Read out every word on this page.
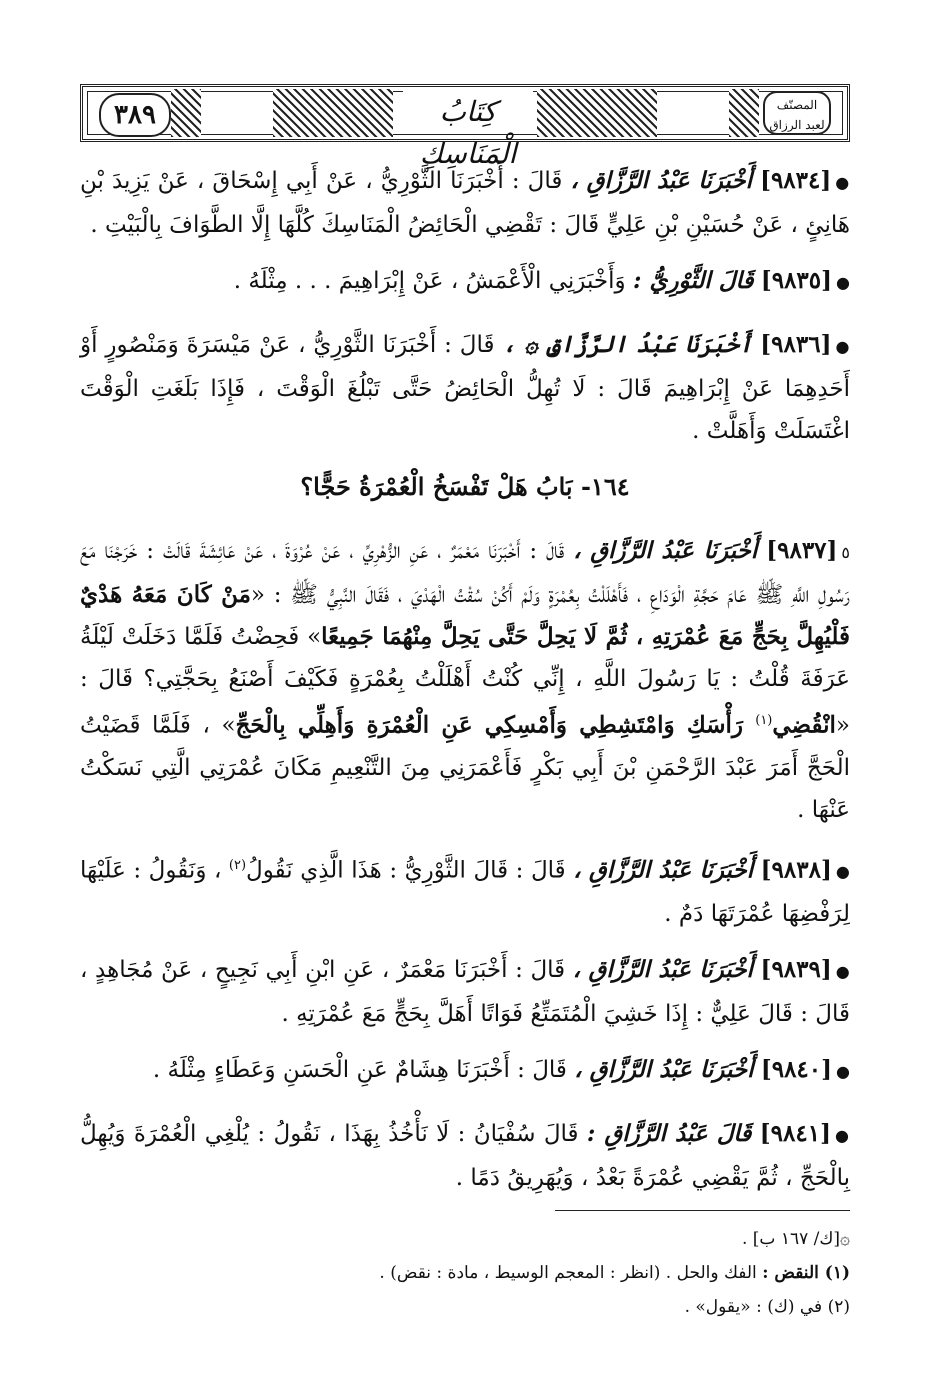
٣٨٩	كِتَابُ الْمَنَاسِكِ
المصنّف
لعبد الرزاق

●[٩٨٣٤] أَخْبَرَنَا عَبْدُ الرَّزَّاقِ ، قَالَ : أَخْبَرَنَا الثَّوْرِيُّ ، عَنْ أَبِي إِسْحَاقَ ، عَنْ يَزِيدَ بْنِ هَانِئٍ ، عَنْ حُسَيْنِ بْنِ عَلِيٍّ قَالَ : تَقْضِي الْحَائِضُ الْمَنَاسِكَ كُلَّهَا إِلَّا الطَّوَافَ بِالْبَيْتِ .

●[٩٨٣٥] قَالَ الثَّوْرِيُّ : وَأَخْبَرَنِي الْأَعْمَشُ ، عَنْ إِبْرَاهِيمَ . . . مِثْلَهُ .

●[٩٨٣٦] أَخْبَرَنَا عَبْدُ الرَّزَّاقِ ۞ ، قَالَ : أَخْبَرَنَا الثَّوْرِيُّ ، عَنْ مَيْسَرَةَ وَمَنْصُورٍ أَوْ أَحَدِهِمَا عَنْ إِبْرَاهِيمَ قَالَ : لَا تُهِلُّ الْحَائِضُ حَتَّى تَبْلُغَ الْوَقْتَ ، فَإِذَا بَلَغَتِ الْوَقْتَ اغْتَسَلَتْ وَأَهَلَّتْ .

١٦٤- بَابُ هَلْ تَفْسَخُ الْعُمْرَةُ حَجًّا؟

٥[٩٨٣٧] أَخْبَرَنَا عَبْدُ الرَّزَّاقِ ، قَالَ : أَخْبَرَنَا مَعْمَرٌ ، عَنِ الزُّهْرِيِّ ، عَنْ عُرْوَةَ ، عَنْ عَائِشَةَ قَالَتْ : خَرَجْنَا مَعَ رَسُولِ اللَّهِ ﷺ عَامَ حَجَّةِ الْوَدَاعِ ، فَأَهْلَلْتُ بِعُمْرَةٍ وَلَمْ أَكُنْ سُقْتُ الْهَدْيَ ، فَقَالَ النَّبِيُّ ﷺ : «مَنْ كَانَ مَعَهُ هَدْيٌ فَلْيُهِلَّ بِحَجٍّ مَعَ عُمْرَتِهِ ، ثُمَّ لَا يَحِلَّ حَتَّى يَحِلَّ مِنْهُمَا جَمِيعًا» فَحِضْتُ فَلَمَّا دَخَلَتْ لَيْلَةُ عَرَفَةَ قُلْتُ : يَا رَسُولَ اللَّهِ ، إِنِّي كُنْتُ أَهْلَلْتُ بِعُمْرَةٍ فَكَيْفَ أَصْنَعُ بِحَجَّتِي؟ قَالَ : «انْقُضِي$^{(١)}$ رَأْسَكِ وَامْتَشِطِي وَأَمْسِكِي عَنِ الْعُمْرَةِ وَأَهِلِّي بِالْحَجِّ» ، فَلَمَّا قَضَيْتُ الْحَجَّ أَمَرَ عَبْدَ الرَّحْمَنِ بْنَ أَبِي بَكْرٍ فَأَعْمَرَنِي مِنَ التَّنْعِيمِ مَكَانَ عُمْرَتِي الَّتِي نَسَكْتُ عَنْهَا .

●[٩٨٣٨] أَخْبَرَنَا عَبْدُ الرَّزَّاقِ ، قَالَ : قَالَ الثَّوْرِيُّ : هَذَا الَّذِي نَقُولُ$^{(٢)}$ ، وَنَقُولُ : عَلَيْهَا لِرَفْضِهَا عُمْرَتَهَا دَمٌ .

●[٩٨٣٩] أَخْبَرَنَا عَبْدُ الرَّزَّاقِ ، قَالَ : أَخْبَرَنَا مَعْمَرٌ ، عَنِ ابْنِ أَبِي نَجِيحٍ ، عَنْ مُجَاهِدٍ ، قَالَ : قَالَ عَلِيٌّ : إِذَا خَشِيَ الْمُتَمَتِّعُ فَوَاتًا أَهَلَّ بِحَجٍّ مَعَ عُمْرَتِهِ .

●[٩٨٤٠] أَخْبَرَنَا عَبْدُ الرَّزَّاقِ ، قَالَ : أَخْبَرَنَا هِشَامٌ عَنِ الْحَسَنِ وَعَطَاءٍ مِثْلَهُ .

●[٩٨٤١] قَالَ عَبْدُ الرَّزَّاقِ : قَالَ سُفْيَانُ : لَا نَأْخُذُ بِهَذَا ، نَقُولُ : يُلْغِي الْعُمْرَةَ وَيُهِلُّ بِالْحَجِّ ، ثُمَّ يَقْضِي عُمْرَةً بَعْدُ ، وَيُهَرِيقُ دَمًا .

۞[ك/ ١٦٧ ب] .
(١) النقض : الفك والحل . (انظر : المعجم الوسيط ، مادة : نقض) .
(٢) في (ك) : «يقول» .
